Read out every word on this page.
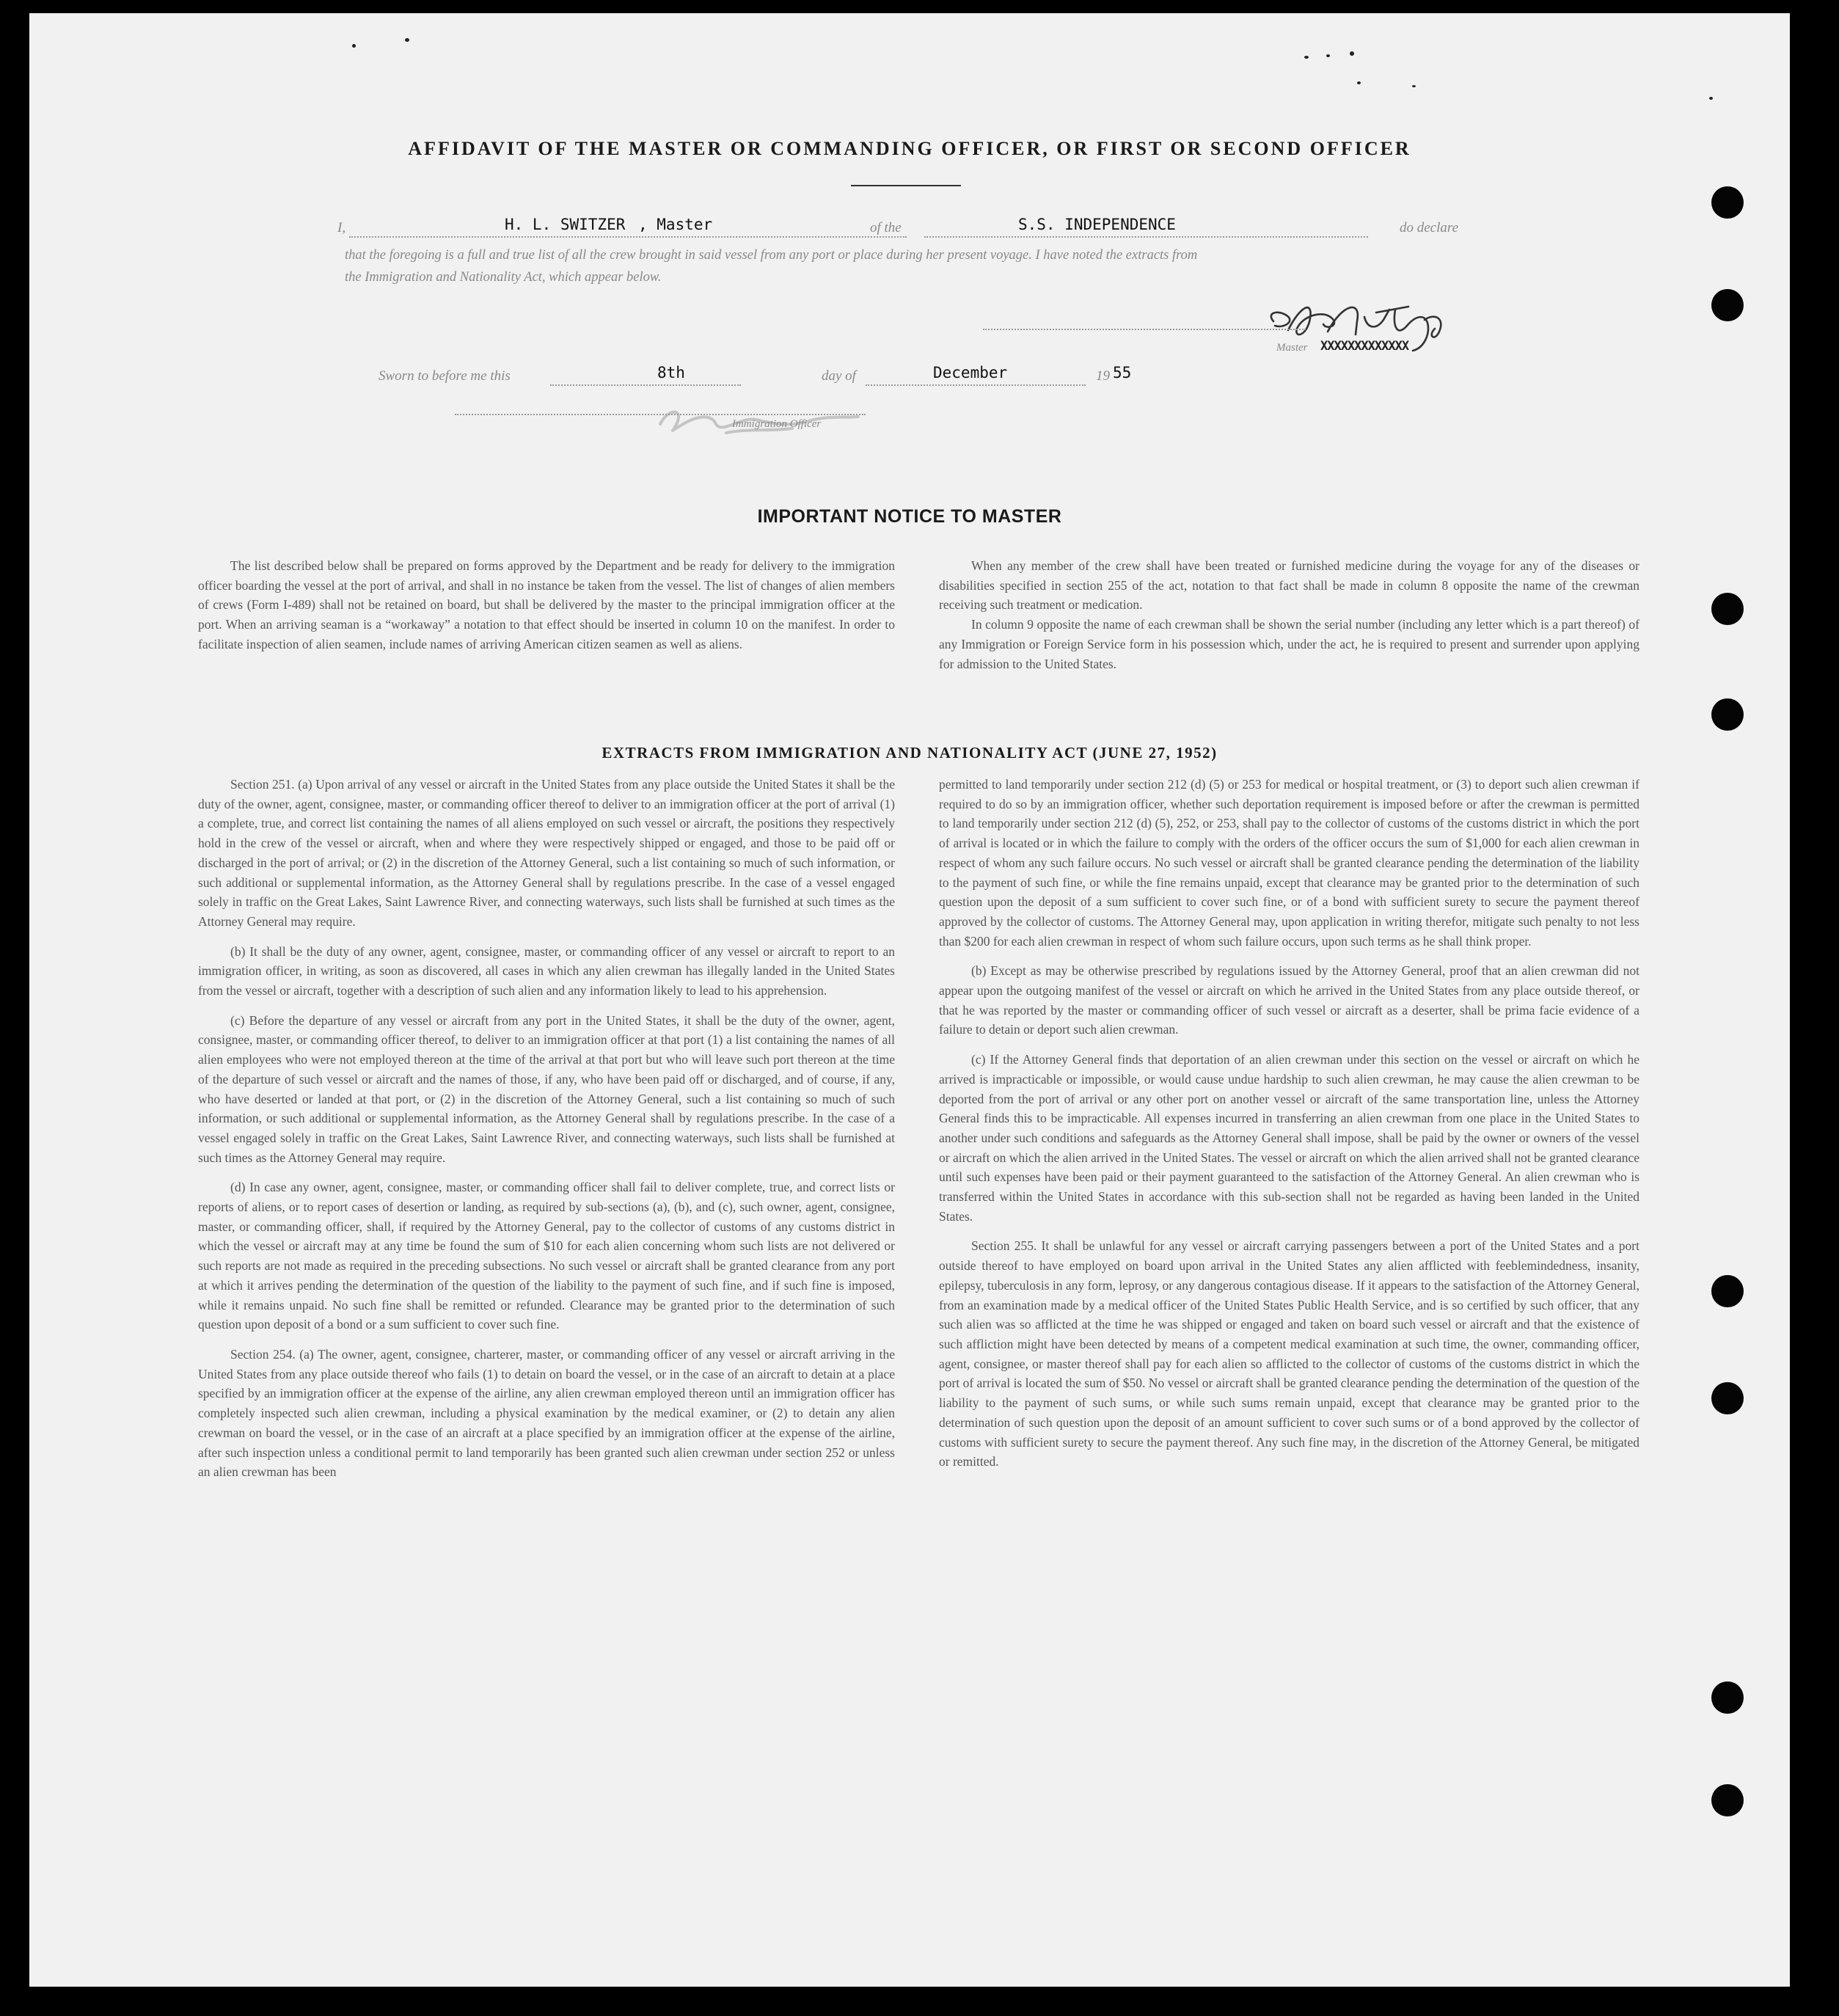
AFFIDAVIT OF THE MASTER OR COMMANDING OFFICER, OR FIRST OR SECOND OFFICER
I,	H. L. SWITZER , Master	of the	S.S. INDEPENDENCE	do declare
that the foregoing is a full and true list of all the crew brought in said vessel from any port or place during her present voyage. I have noted the extracts from
the Immigration and Nationality Act, which appear below.
Master XXXXXXXXXXXXX
Sworn to before me this	8th	day of	December	19 55
Immigration Officer
IMPORTANT NOTICE TO MASTER

The list described below shall be prepared on forms approved by the Department and be ready for delivery to the immigration officer boarding the vessel at the port of arrival, and shall in no instance be taken from the vessel. The list of changes of alien members of crews (Form I-489) shall not be retained on board, but shall be delivered by the master to the principal immigration officer at the port. When an arriving seaman is a “workaway” a notation to that effect should be inserted in column 10 on the manifest. In order to facilitate inspection of alien seamen, include names of arriving American citizen seamen as well as aliens.

When any member of the crew shall have been treated or furnished medicine during the voyage for any of the diseases or disabilities specified in section 255 of the act, notation to that fact shall be made in column 8 opposite the name of the crewman receiving such treatment or medication.

In column 9 opposite the name of each crewman shall be shown the serial number (including any letter which is a part thereof) of any Immigration or Foreign Service form in his possession which, under the act, he is required to present and surrender upon applying for admission to the United States.

EXTRACTS FROM IMMIGRATION AND NATIONALITY ACT (JUNE 27, 1952)

Section 251. (a) Upon arrival of any vessel or aircraft in the United States from any place outside the United States it shall be the duty of the owner, agent, consignee, master, or commanding officer thereof to deliver to an immigration officer at the port of arrival (1) a complete, true, and correct list containing the names of all aliens employed on such vessel or aircraft, the positions they respectively hold in the crew of the vessel or aircraft, when and where they were respectively shipped or engaged, and those to be paid off or discharged in the port of arrival; or (2) in the discretion of the Attorney General, such a list containing so much of such information, or such additional or supplemental information, as the Attorney General shall by regulations prescribe. In the case of a vessel engaged solely in traffic on the Great Lakes, Saint Lawrence River, and connecting waterways, such lists shall be furnished at such times as the Attorney General may require.

(b) It shall be the duty of any owner, agent, consignee, master, or commanding officer of any vessel or aircraft to report to an immigration officer, in writing, as soon as discovered, all cases in which any alien crewman has illegally landed in the United States from the vessel or aircraft, together with a description of such alien and any information likely to lead to his apprehension.

(c) Before the departure of any vessel or aircraft from any port in the United States, it shall be the duty of the owner, agent, consignee, master, or commanding officer thereof, to deliver to an immigration officer at that port (1) a list containing the names of all alien employees who were not employed thereon at the time of the arrival at that port but who will leave such port thereon at the time of the departure of such vessel or aircraft and the names of those, if any, who have been paid off or discharged, and of course, if any, who have deserted or landed at that port, or (2) in the discretion of the Attorney General, such a list containing so much of such information, or such additional or supplemental information, as the Attorney General shall by regulations prescribe. In the case of a vessel engaged solely in traffic on the Great Lakes, Saint Lawrence River, and connecting waterways, such lists shall be furnished at such times as the Attorney General may require.

(d) In case any owner, agent, consignee, master, or commanding officer shall fail to deliver complete, true, and correct lists or reports of aliens, or to report cases of desertion or landing, as required by sub-sections (a), (b), and (c), such owner, agent, consignee, master, or commanding officer, shall, if required by the Attorney General, pay to the collector of customs of any customs district in which the vessel or aircraft may at any time be found the sum of $10 for each alien concerning whom such lists are not delivered or such reports are not made as required in the preceding subsections. No such vessel or aircraft shall be granted clearance from any port at which it arrives pending the determination of the question of the liability to the payment of such fine, and if such fine is imposed, while it remains unpaid. No such fine shall be remitted or refunded. Clearance may be granted prior to the determination of such question upon deposit of a bond or a sum sufficient to cover such fine.

Section 254. (a) The owner, agent, consignee, charterer, master, or commanding officer of any vessel or aircraft arriving in the United States from any place outside thereof who fails (1) to detain on board the vessel, or in the case of an aircraft to detain at a place specified by an immigration officer at the expense of the airline, any alien crewman employed thereon until an immigration officer has completely inspected such alien crewman, including a physical examination by the medical examiner, or (2) to detain any alien crewman on board the vessel, or in the case of an aircraft at a place specified by an immigration officer at the expense of the airline, after such inspection unless a conditional permit to land temporarily has been granted such alien crewman under section 252 or unless an alien crewman has been

permitted to land temporarily under section 212 (d) (5) or 253 for medical or hospital treatment, or (3) to deport such alien crewman if required to do so by an immigration officer, whether such deportation requirement is imposed before or after the crewman is permitted to land temporarily under section 212 (d) (5), 252, or 253, shall pay to the collector of customs of the customs district in which the port of arrival is located or in which the failure to comply with the orders of the officer occurs the sum of $1,000 for each alien crewman in respect of whom any such failure occurs. No such vessel or aircraft shall be granted clearance pending the determination of the liability to the payment of such fine, or while the fine remains unpaid, except that clearance may be granted prior to the determination of such question upon the deposit of a sum sufficient to cover such fine, or of a bond with sufficient surety to secure the payment thereof approved by the collector of customs. The Attorney General may, upon application in writing therefor, mitigate such penalty to not less than $200 for each alien crewman in respect of whom such failure occurs, upon such terms as he shall think proper.

(b) Except as may be otherwise prescribed by regulations issued by the Attorney General, proof that an alien crewman did not appear upon the outgoing manifest of the vessel or aircraft on which he arrived in the United States from any place outside thereof, or that he was reported by the master or commanding officer of such vessel or aircraft as a deserter, shall be prima facie evidence of a failure to detain or deport such alien crewman.

(c) If the Attorney General finds that deportation of an alien crewman under this section on the vessel or aircraft on which he arrived is impracticable or impossible, or would cause undue hardship to such alien crewman, he may cause the alien crewman to be deported from the port of arrival or any other port on another vessel or aircraft of the same transportation line, unless the Attorney General finds this to be impracticable. All expenses incurred in transferring an alien crewman from one place in the United States to another under such conditions and safeguards as the Attorney General shall impose, shall be paid by the owner or owners of the vessel or aircraft on which the alien arrived in the United States. The vessel or aircraft on which the alien arrived shall not be granted clearance until such expenses have been paid or their payment guaranteed to the satisfaction of the Attorney General. An alien crewman who is transferred within the United States in accordance with this sub-section shall not be regarded as having been landed in the United States.

Section 255. It shall be unlawful for any vessel or aircraft carrying passengers between a port of the United States and a port outside thereof to have employed on board upon arrival in the United States any alien afflicted with feeblemindedness, insanity, epilepsy, tuberculosis in any form, leprosy, or any dangerous contagious disease. If it appears to the satisfaction of the Attorney General, from an examination made by a medical officer of the United States Public Health Service, and is so certified by such officer, that any such alien was so afflicted at the time he was shipped or engaged and taken on board such vessel or aircraft and that the existence of such affliction might have been detected by means of a competent medical examination at such time, the owner, commanding officer, agent, consignee, or master thereof shall pay for each alien so afflicted to the collector of customs of the customs district in which the port of arrival is located the sum of $50. No vessel or aircraft shall be granted clearance pending the determination of the question of the liability to the payment of such sums, or while such sums remain unpaid, except that clearance may be granted prior to the determination of such question upon the deposit of an amount sufficient to cover such sums or of a bond approved by the collector of customs with sufficient surety to secure the payment thereof. Any such fine may, in the discretion of the Attorney General, be mitigated or remitted.
